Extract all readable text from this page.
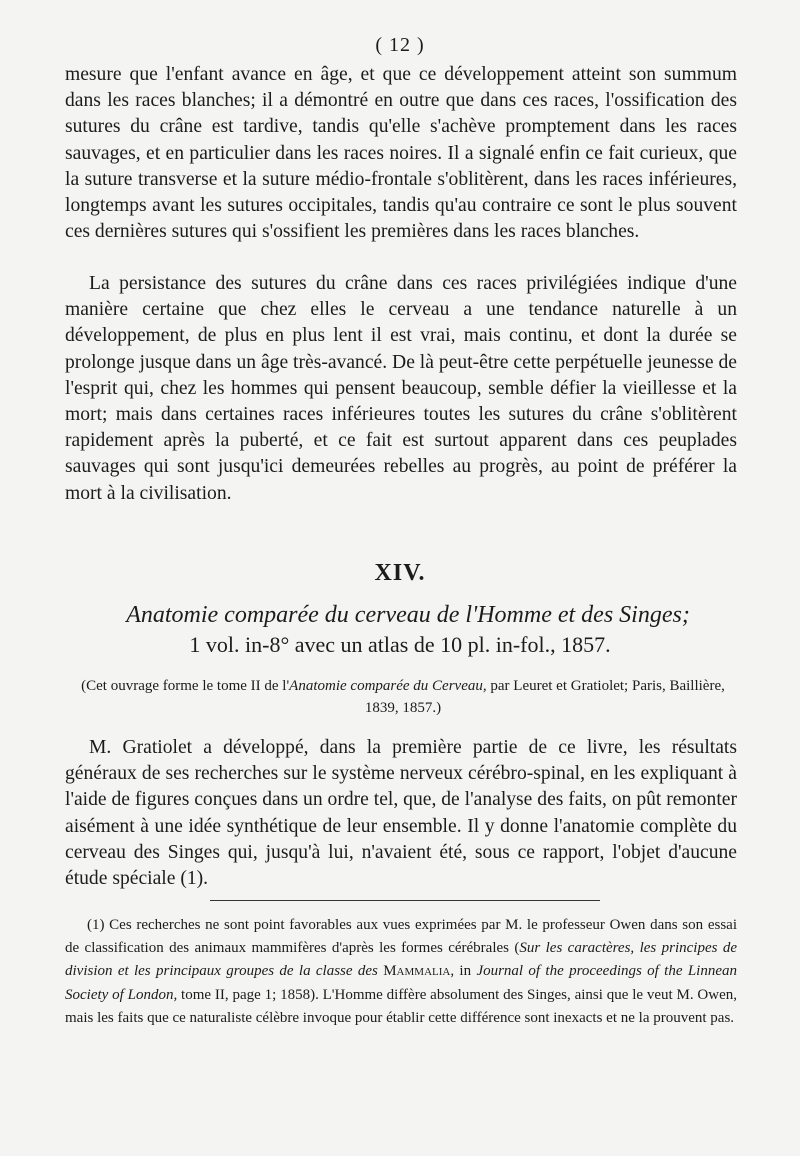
( 12 )

mesure que l'enfant avance en âge, et que ce développement atteint son summum dans les races blanches; il a démontré en outre que dans ces races, l'ossification des sutures du crâne est tardive, tandis qu'elle s'achève promptement dans les races sauvages, et en particulier dans les races noires. Il a signalé enfin ce fait curieux, que la suture transverse et la suture médio-frontale s'oblitèrent, dans les races inférieures, longtemps avant les sutures occipitales, tandis qu'au contraire ce sont le plus souvent ces dernières sutures qui s'ossifient les premières dans les races blanches.

La persistance des sutures du crâne dans ces races privilégiées indique d'une manière certaine que chez elles le cerveau a une tendance naturelle à un développement, de plus en plus lent il est vrai, mais continu, et dont la durée se prolonge jusque dans un âge très-avancé. De là peut-être cette perpétuelle jeunesse de l'esprit qui, chez les hommes qui pensent beaucoup, semble défier la vieillesse et la mort; mais dans certaines races inférieures toutes les sutures du crâne s'oblitèrent rapidement après la puberté, et ce fait est surtout apparent dans ces peuplades sauvages qui sont jusqu'ici demeurées rebelles au progrès, au point de préférer la mort à la civilisation.

XIV.
Anatomie comparée du cerveau de l'Homme et des Singes;
1 vol. in-8° avec un atlas de 10 pl. in-fol., 1857.
(Cet ouvrage forme le tome II de l'Anatomie comparée du Cerveau, par Leuret et Gratiolet; Paris, Baillière, 1839, 1857.)

M. Gratiolet a développé, dans la première partie de ce livre, les résultats généraux de ses recherches sur le système nerveux cérébro-spinal, en les expliquant à l'aide de figures conçues dans un ordre tel, que, de l'analyse des faits, on pût remonter aisément à une idée synthétique de leur ensemble. Il y donne l'anatomie complète du cerveau des Singes qui, jusqu'à lui, n'avaient été, sous ce rapport, l'objet d'aucune étude spéciale (1).

(1) Ces recherches ne sont point favorables aux vues exprimées par M. le professeur Owen dans son essai de classification des animaux mammifères d'après les formes cérébrales (Sur les caractères, les principes de division et les principaux groupes de la classe des Mammalia, in Journal of the proceedings of the Linnean Society of London, tome II, page 1; 1858). L'Homme diffère absolument des Singes, ainsi que le veut M. Owen, mais les faits que ce naturaliste célèbre invoque pour établir cette différence sont inexacts et ne la prouvent pas.
